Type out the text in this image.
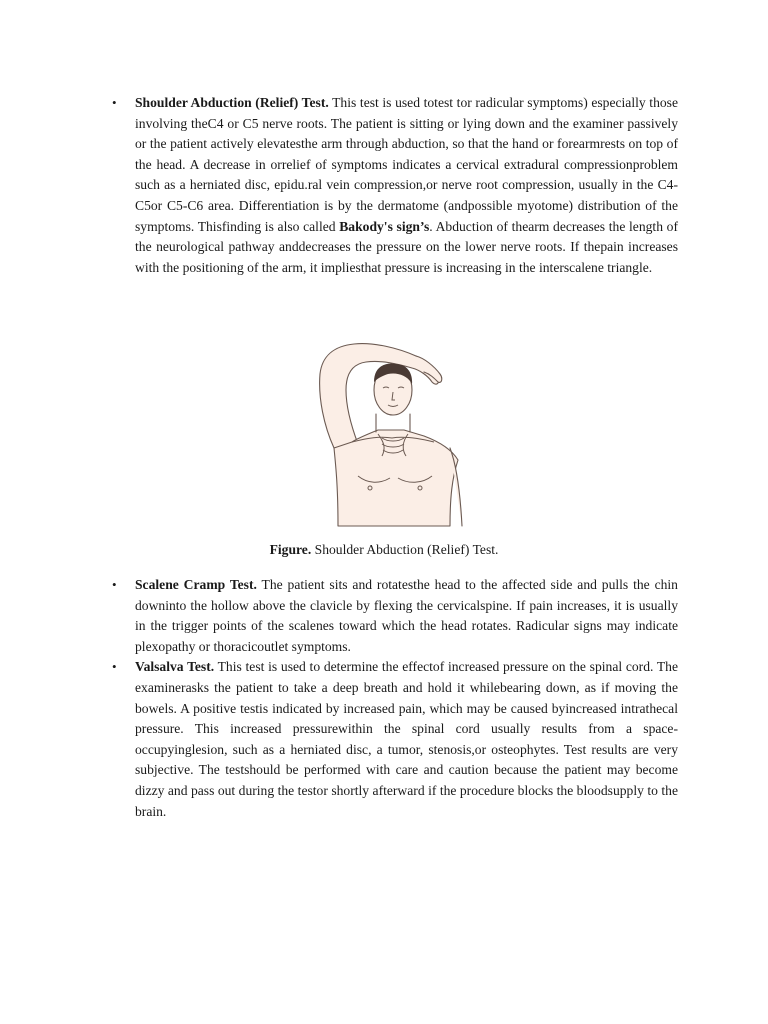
• Shoulder Abduction (Relief) Test. This test is used totest tor radicular symptoms) especially those involving theC4 or C5 nerve roots. The patient is sitting or lying down and the examiner passively or the patient actively elevatesthe arm through abduction, so that the hand or forearmrests on top of the head. A decrease in orrelief of symptoms indicates a cervical extradural compressionproblem such as a herniated disc, epidu.ral vein compression,or nerve root compression, usually in the C4-C5or C5-C6 area. Differentiation is by the dermatome (andpossible myotome) distribution of the symptoms. Thisfinding is also called Bakody's sign’s. Abduction of thearm decreases the length of the neurological pathway anddecreases the pressure on the lower nerve roots. If thepain increases with the positioning of the arm, it impliesthat pressure is increasing in the interscalene triangle.

Figure. Shoulder Abduction (Relief) Test.
• Scalene Cramp Test. The patient sits and rotatesthe head to the affected side and pulls the chin downinto the hollow above the clavicle by flexing the cervicalspine. If pain increases, it is usually in the trigger points of the scalenes toward which the head rotates. Radicular signs may indicate plexopathy or thoracicoutlet symptoms.

• Valsalva Test. This test is used to determine the effectof increased pressure on the spinal cord. The examinerasks the patient to take a deep breath and hold it whilebearing down, as if moving the bowels. A positive testis indicated by increased pain, which may be caused byincreased intrathecal pressure. This increased pressurewithin the spinal cord usually results from a space-occupyinglesion, such as a herniated disc, a tumor, stenosis,or osteophytes. Test results are very subjective. The testshould be performed with care and caution because the patient may become dizzy and pass out during the testor shortly afterward if the procedure blocks the bloodsupply to the brain.
